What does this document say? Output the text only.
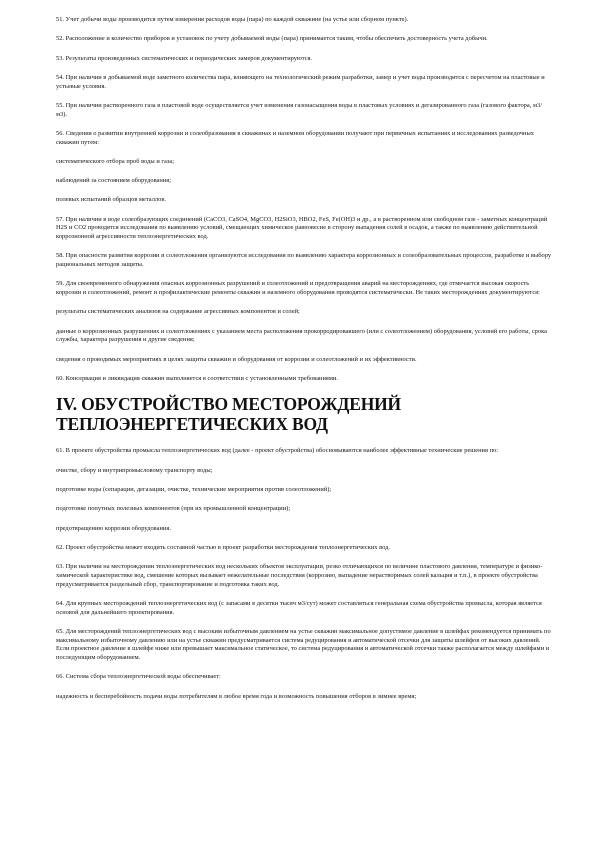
51. Учет добычи воды производится путем измерения расходов воды (пара) по каждой скважине (на устье или сборном пункте).

52. Расположение и количество приборов и установок по учету добываемой воды (пара) принимается таким, чтобы обеспечить достоверность учета добычи.

53. Результаты произведенных систематических и периодических замеров документируются.

54. При наличии в добываемой воде заметного количества пара, влияющего на технологический режим разработки, замер и учет воды производится с пересчетом на пластовые и устьевые условия.

55. При наличии растворенного газа в пластовой воде осуществляется учет изменения газонасыщения воды в пластовых условиях и дегазированного газа (газового фактора, м3/м3).

56. Сведения о развитии внутренней коррозии и солеобразования в скважинах и наземном оборудовании получают при первичных испытаниях и исследованиях разведочных скважин путем:

систематического отбора проб воды и газа;

наблюдений за состоянием оборудования;

полевых испытаний образцов металлов.

57. При наличии в воде солеобразующих соединений (CaCO3, CaSO4, MgCO3, H2SiO3, HBO2, FeS, Fe(OH)3 и др., а в растворенном или свободном газе - заметных концентраций H2S и CO2 проводятся исследования по выявлению условий, смещающих химическое равновесие в сторону выпадения солей в осадок, а также по выявлению действительной коррозионной агрессивности теплоэнергетических вод.

58. При опасности развития коррозии и солеотложения организуются исследования по выявлению характера коррозионных и солеобразовательных процессов, разработке и выбору рациональных методов защиты.

59. Для своевременного обнаружения опасных коррозионных разрушений и солеотложений и предотвращения аварий на месторождениях, где отмечается высокая скорость коррозии и солеотложений, ремонт и профилактические ремонты скважин и наземного оборудования проводятся систематически. Не таких месторождениях документируются:

результаты систематических анализов на содержание агрессивных компонентов и солей;

данные о коррозионных разрушениях и солеотложениях с указанием места расположения прокорродировавшего (или с солеотложением) оборудования, условий его работы, срока службы, характера разрушения и другие сведения;

сведения о проводимых мероприятиях в целях защиты скважин и оборудования от коррозии и солеотложений и их эффективности.

60. Консервация и ликвидация скважин выполняется в соответствии с установленными требованиями.

IV. ОБУСТРОЙСТВО МЕСТОРОЖДЕНИЙ
ТЕПЛОЭНЕРГЕТИЧЕСКИХ ВОД

61. В проекте обустройства промысла теплоэнергетических вод (далее - проект обустройства) обосновываются наиболее эффективные технические решения по:

очистке, сбору и внутрипромысловому транспорту воды;

подготовке воды (сепарации, дегазации, очистке, технические мероприятия против солеотложений);

подготовке попутных полезных компонентов (при их промышленной концентрации);

предотвращению коррозии оборудования.

62. Проект обустройства может входить составной частью в проект разработки месторождения теплоэнергетических вод.

63. При наличии на месторождении теплоэнергетических вод нескольких объектов эксплуатации, резко отличающихся по величине пластового давления, температуре и физико-химической характеристике вод, смешение которых вызывает нежелательные последствия (коррозию, выпадение нерастворимых солей кальция и т.п.), в проекте обустройства предусматривается раздельный сбор, транспортирование и подготовка таких вод.

64. Для крупных месторождений теплоэнергетических вод (с запасами в десятки тысяч м3/сут) может составляться генеральная схема обустройства промысла, которая является основой для дальнейшего проектирования.

65. Для месторождений теплоэнергетических вод с высоким избыточным давлением на устье скважин максимальное допустимое давление в шлейфах рекомендуется принимать по максимальному избыточному давлению или на устье скважин предусматривается система редуцирования и автоматической отсечки для защиты шлейфов от высоких давлений. Если проектное давление в шлейфе ниже или превышает максимальное статическое, то система редуцирования и автоматической отсечки также располагается между шлейфами и последующим оборудованием.

66. Система сбора теплоэнергетической воды обеспечивает:

надежность и бесперебойность подачи воды потребителям в любое время года и возможность повышения отборов в зимнее время;
